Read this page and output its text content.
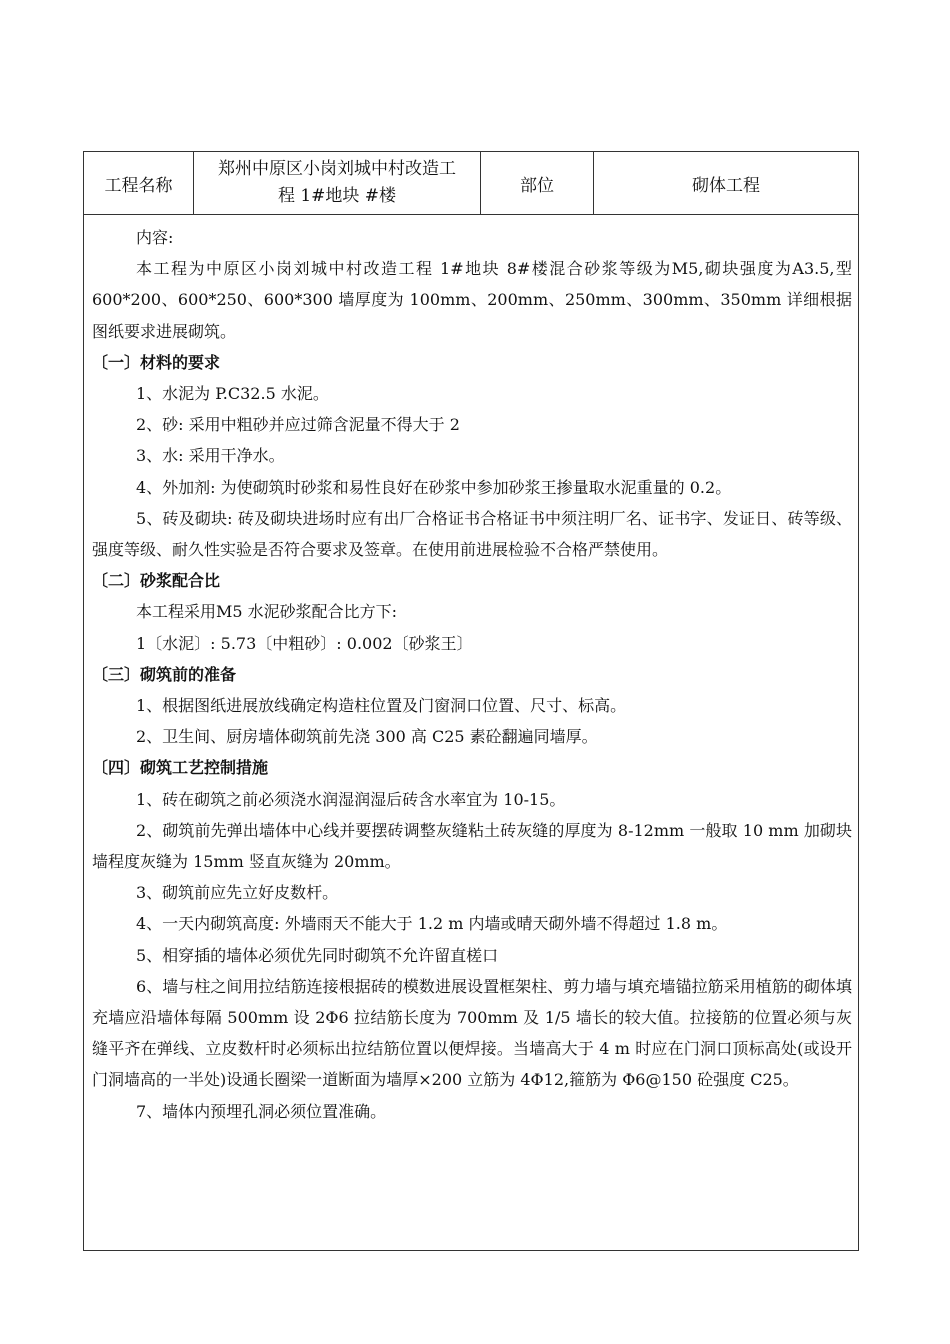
工程名称
郑州中原区小岗刘城中村改造工
程 1#地块 #楼
部位	砌体工程

内容:

本工程为中原区小岗刘城中村改造工程 1#地块 8#楼混合砂浆等级为M5,砌块强度为A3.5,型 600*200、600*250、600*300 墙厚度为 100mm、200mm、250mm、300mm、350mm 详细根据图纸要求进展砌筑。

〔一〕材料的要求

1、水泥为 P.C32.5 水泥。

2、砂: 采用中粗砂并应过筛含泥量不得大于 2

3、水: 采用干净水。

4、外加剂: 为使砌筑时砂浆和易性良好在砂浆中参加砂浆王掺量取水泥重量的 0.2。

5、砖及砌块: 砖及砌块进场时应有出厂合格证书合格证书中须注明厂名、证书字、发证日、砖等级、强度等级、耐久性实验是否符合要求及签章。在使用前进展检验不合格严禁使用。

〔二〕砂浆配合比

本工程采用M5 水泥砂浆配合比方下:

1〔水泥〕: 5.73〔中粗砂〕: 0.002〔砂浆王〕

〔三〕砌筑前的准备

1、根据图纸进展放线确定构造柱位置及门窗洞口位置、尺寸、标高。

2、卫生间、厨房墙体砌筑前先浇 300 高 C25 素砼翻遍同墙厚。

〔四〕砌筑工艺控制措施

1、砖在砌筑之前必须浇水润湿润湿后砖含水率宜为 10-15。

2、砌筑前先弹出墙体中心线并要摆砖调整灰缝粘土砖灰缝的厚度为 8-12mm 一般取 10 mm 加砌块墙程度灰缝为 15mm 竖直灰缝为 20mm。

3、砌筑前应先立好皮数杆。

4、一天内砌筑高度: 外墙雨天不能大于 1.2 m 内墙或晴天砌外墙不得超过 1.8 m。

5、相穿插的墙体必须优先同时砌筑不允许留直槎口

6、墙与柱之间用拉结筋连接根据砖的模数进展设置框架柱、剪力墙与填充墙锚拉筋采用植筋的砌体填充墙应沿墙体每隔 500mm 设 2Φ6 拉结筋长度为 700mm 及 1/5 墙长的较大值。拉接筋的位置必须与灰缝平齐在弹线、立皮数杆时必须标出拉结筋位置以便焊接。当墙高大于 4 m 时应在门洞口顶标高处(或设开门洞墙高的一半处)设通长圈梁一道断面为墙厚×200 立筋为 4Φ12,箍筋为 Φ6@150 砼强度 C25。

7、墙体内预埋孔洞必须位置准确。
